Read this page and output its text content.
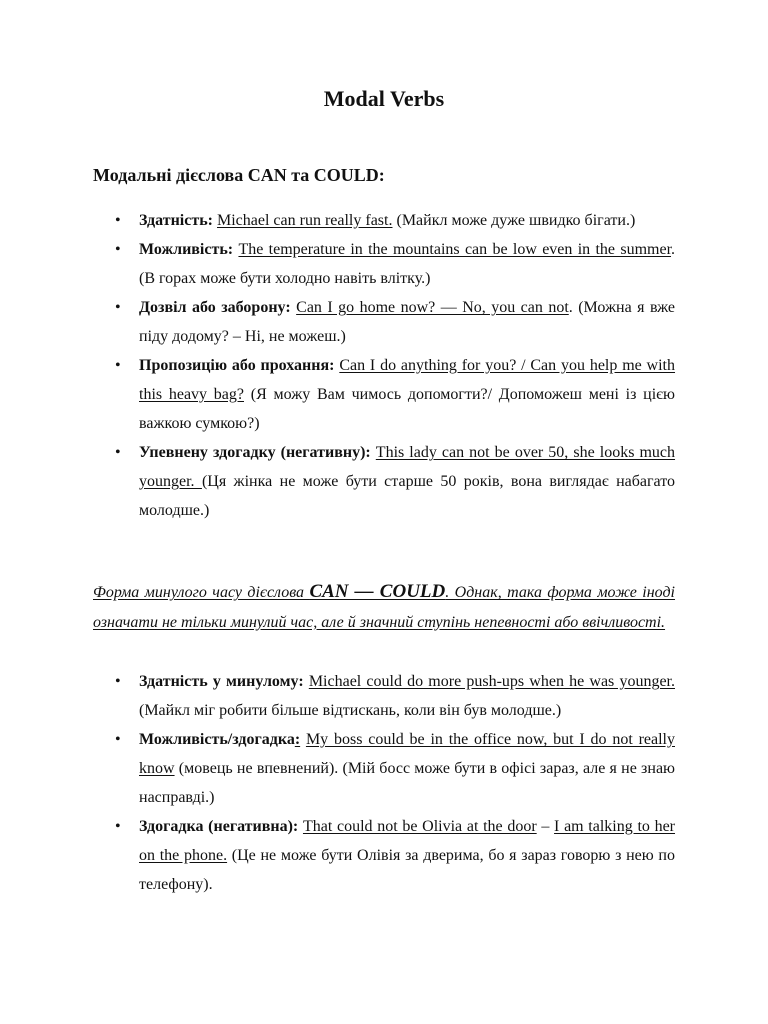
Modal Verbs
Модальні дієслова CAN та COULD:
• Здатність: Michael can run really fast. (Майкл може дуже швидко бігати.)
• Можливість: The temperature in the mountains can be low even in the summer. (В горах може бути холодно навіть влітку.)
• Дозвіл або заборону: Can I go home now? — No, you can not. (Можна я вже піду додому? – Ні, не можеш.)
• Пропозицію або прохання: Can I do anything for you? / Can you help me with this heavy bag? (Я можу Вам чимось допомогти?/ Допоможеш мені із цією важкою сумкою?)
• Упевнену здогадку (негативну): This lady can not be over 50, she looks much younger. (Ця жінка не може бути старше 50 років, вона виглядає набагато молодше.)
Форма минулого часу дієслова CAN — COULD. Однак, така форма може іноді означати не тільки минулий час, але й значний ступінь непевності або ввічливості.
• Здатність у минулому: Michael could do more push-ups when he was younger. (Майкл міг робити більше відтискань, коли він був молодше.)
• Можливість/здогадка: My boss could be in the office now, but I do not really know (мовець не впевнений). (Мій босс може бути в офісі зараз, але я не знаю насправді.)
• Здогадка (негативна): That could not be Olivia at the door – I am talking to her on the phone. (Це не може бути Олівія за дверима, бо я зараз говорю з нею по телефону).
